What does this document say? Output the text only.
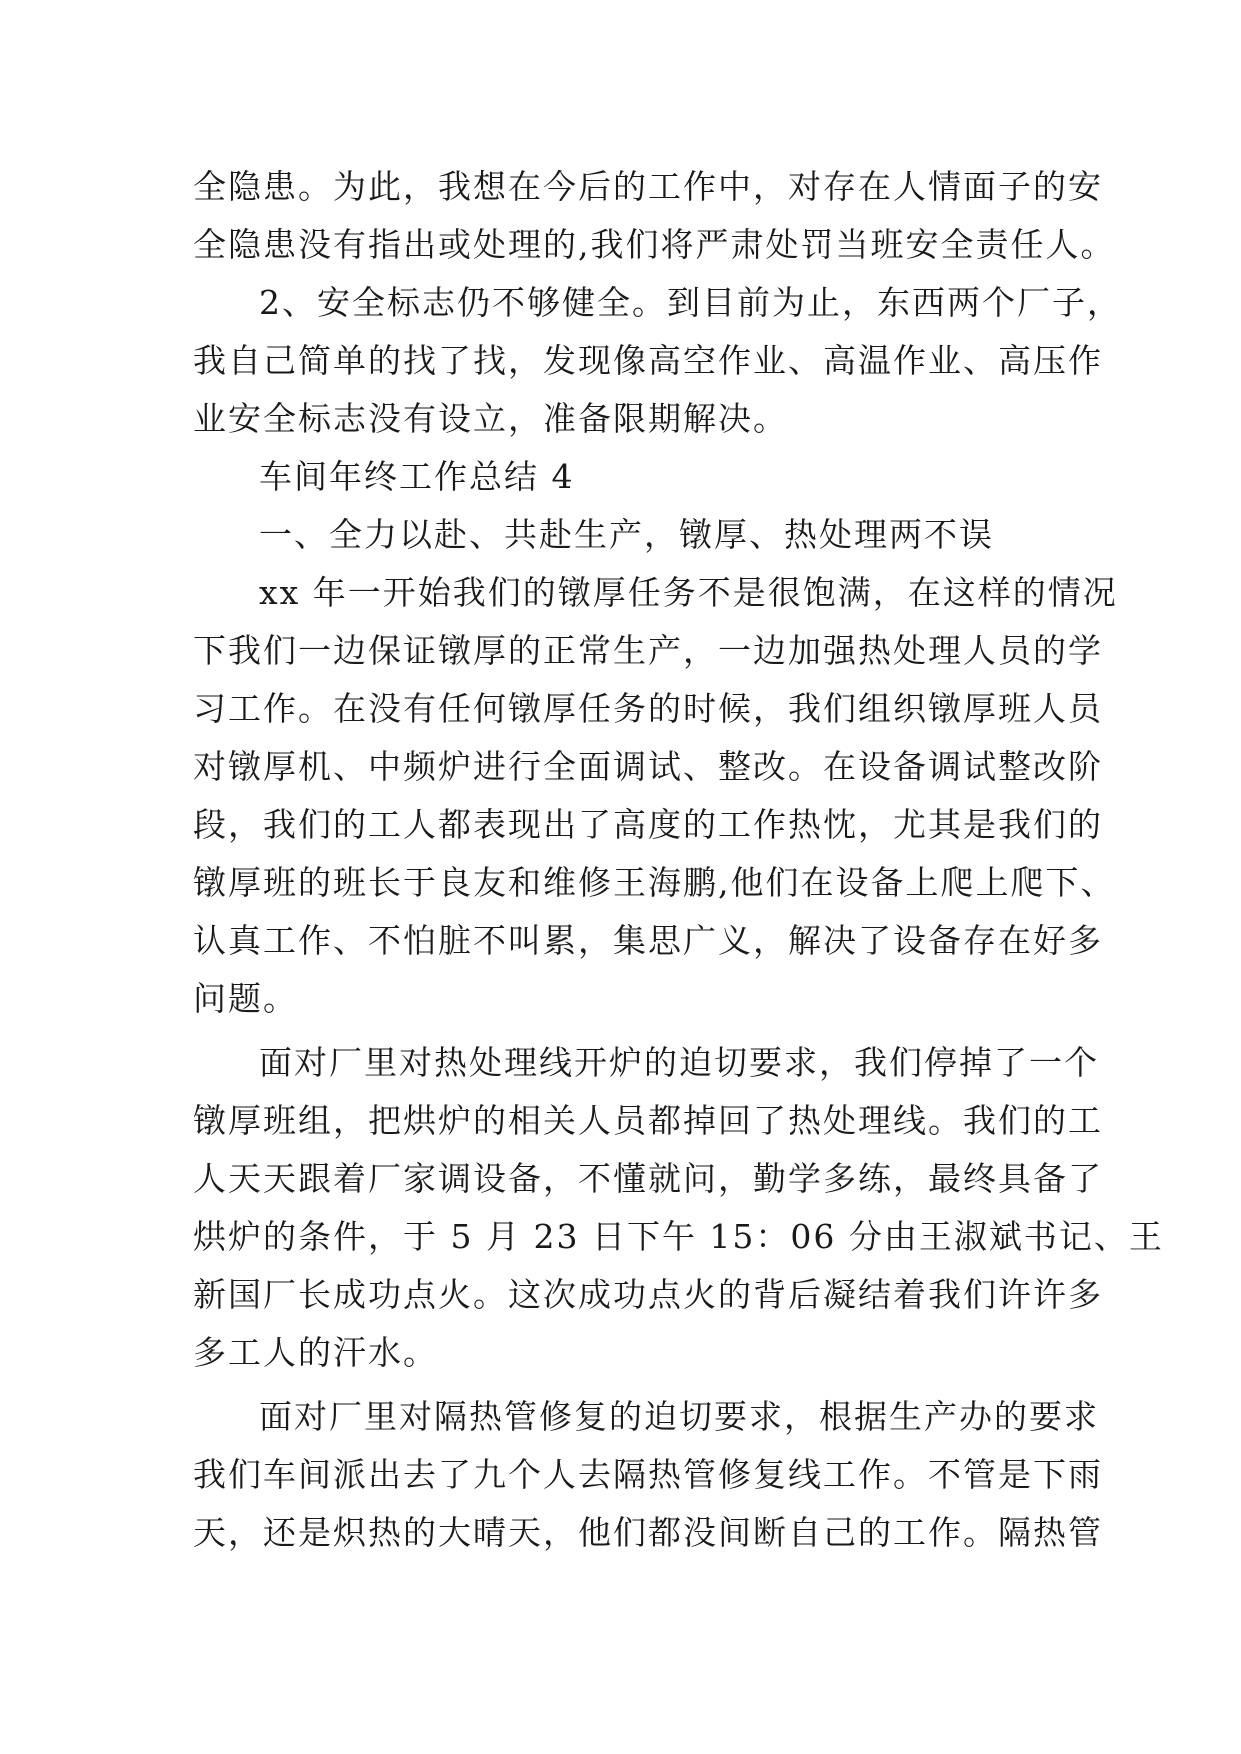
全隐患。为此，我想在今后的工作中，对存在人情面子的安
全隐患没有指出或处理的,我们将严肃处罚当班安全责任人。
2、安全标志仍不够健全。到目前为止，东西两个厂子，
我自己简单的找了找，发现像高空作业、高温作业、高压作
业安全标志没有设立，准备限期解决。
车间年终工作总结 4
一、全力以赴、共赴生产，镦厚、热处理两不误
xx 年一开始我们的镦厚任务不是很饱满，在这样的情况
下我们一边保证镦厚的正常生产，一边加强热处理人员的学
习工作。在没有任何镦厚任务的时候，我们组织镦厚班人员
对镦厚机、中频炉进行全面调试、整改。在设备调试整改阶
段，我们的工人都表现出了高度的工作热忱，尤其是我们的
镦厚班的班长于良友和维修王海鹏,他们在设备上爬上爬下、
认真工作、不怕脏不叫累，集思广义，解决了设备存在好多
问题。
面对厂里对热处理线开炉的迫切要求，我们停掉了一个
镦厚班组，把烘炉的相关人员都掉回了热处理线。我们的工
人天天跟着厂家调设备，不懂就问，勤学多练，最终具备了
烘炉的条件，于 5 月 23 日下午 15：06 分由王淑斌书记、王
新国厂长成功点火。这次成功点火的背后凝结着我们许许多
多工人的汗水。
面对厂里对隔热管修复的迫切要求，根据生产办的要求
我们车间派出去了九个人去隔热管修复线工作。不管是下雨
天，还是炽热的大晴天，他们都没间断自己的工作。隔热管
